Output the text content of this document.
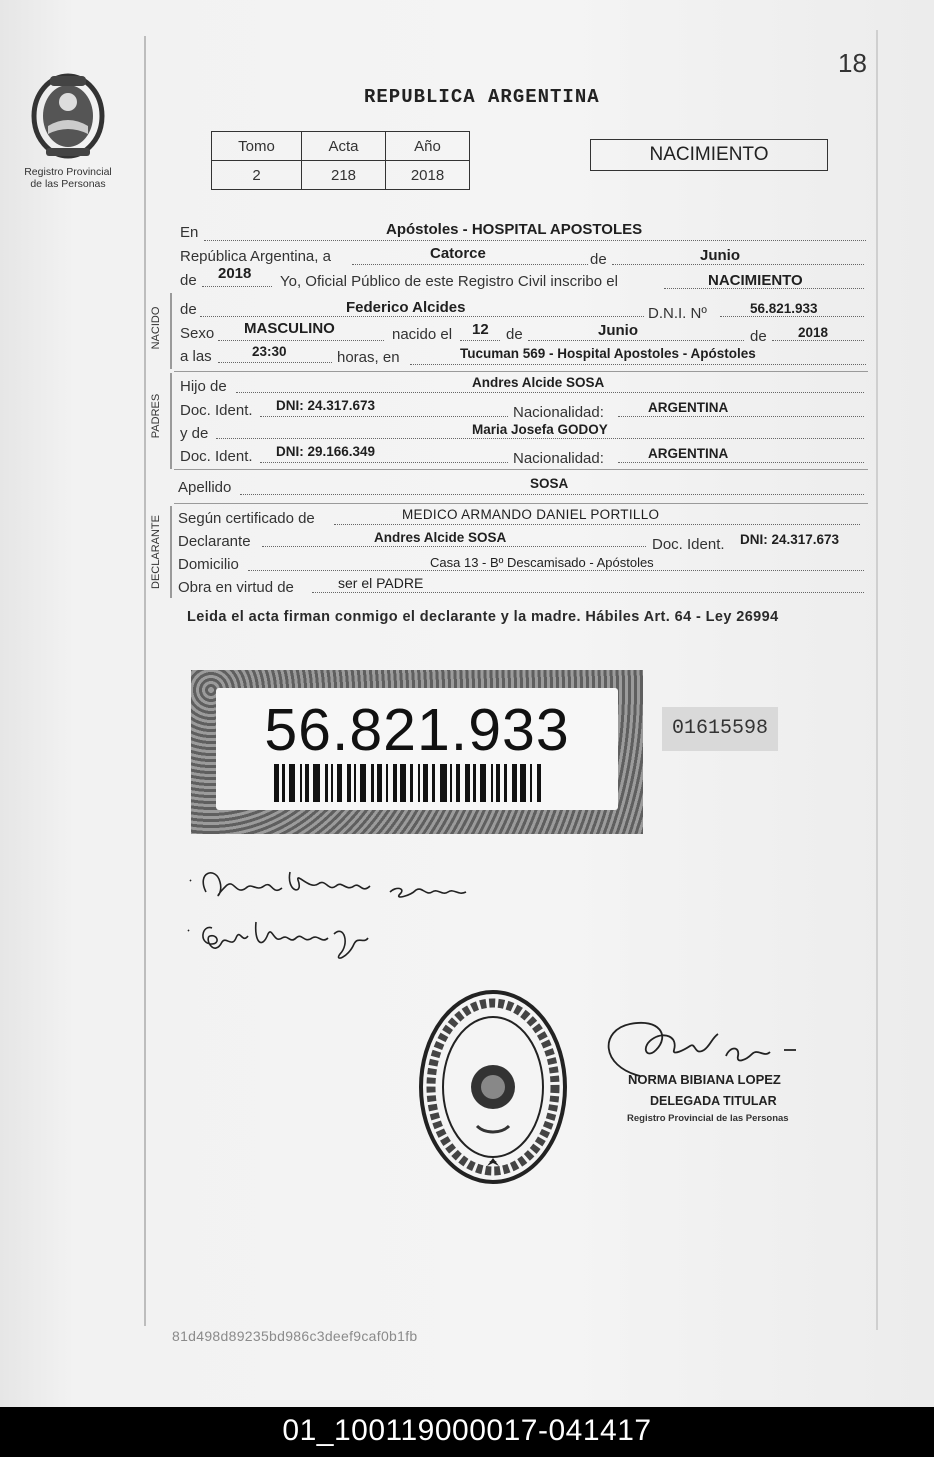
Registro Provincial
de las Personas
18
REPUBLICA ARGENTINA
Tomo	Acta	Año
2	218	2018
NACIMIENTO
En	Apóstoles - HOSPITAL APOSTOLES
República Argentina, a	Catorce	de	Junio
de 2018 Yo, Oficial Público de este Registro Civil inscribo el	NACIMIENTO
NACIDO de	Federico Alcides	D.N.I. Nº	56.821.933
Sexo MASCULINO	nacido el 12 de	Junio	de 2018
a las	23:30	horas, en	Tucuman 569 - Hospital Apostoles - Apóstoles
PADRES
Hijo de	Andres Alcide SOSA
Doc. Ident. DNI: 24.317.673	Nacionalidad:	ARGENTINA
y de	Maria Josefa GODOY
Doc. Ident. DNI: 29.166.349	Nacionalidad:	ARGENTINA
Apellido	SOSA
DECLARANTE Según certificado de	MEDICO ARMANDO DANIEL PORTILLO
Declarante	Andres Alcide SOSA	Doc. Ident. DNI: 24.317.673
Domicilio	Casa 13 - Bº Descamisado - Apóstoles
Obra en virtud de	ser el PADRE
Leida el acta firman conmigo el declarante y la madre. Hábiles Art. 64 - Ley 26994
56.821.933	01615598
NORMA BIBIANA LOPEZ
DELEGADA TITULAR
Registro Provincial de las Personas
81d498d89235bd986c3deef9caf0b1fb
01_100119000017-041417
